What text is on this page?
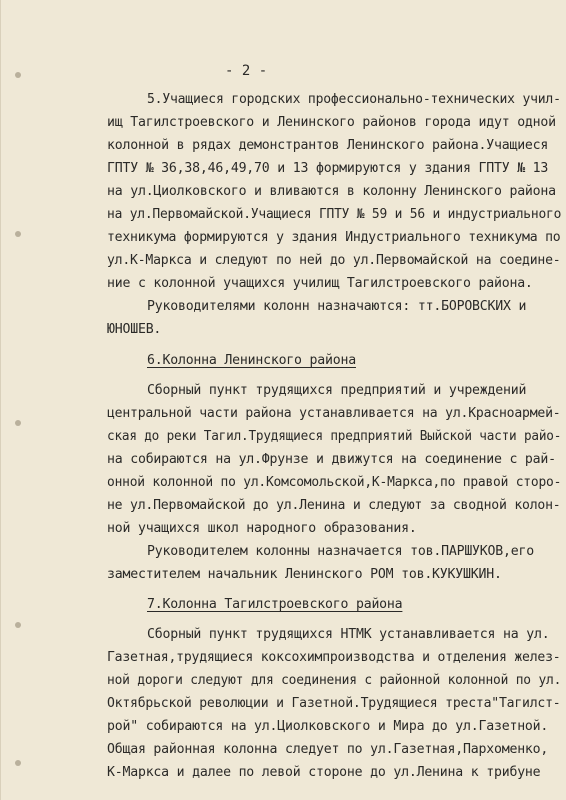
- 2 -
5.Учащиеся городских профессионально-технических учил-
ищ Тагилстроевского и Ленинского районов города идут одной
колонной в рядах демонстрантов Ленинского района.Учащиеся
ГПТУ № 36,38,46,49,70 и 13 формируются у здания ГПТУ № 13
на ул.Циолковского и вливаются в колонну Ленинского района
на ул.Первомайской.Учащиеся ГПТУ № 59 и 56 и индустриального
техникума формируются у здания Индустриального техникума по
ул.К-Маркса и следуют по ней до ул.Первомайской на соедине-
ние с колонной учащихся училищ Тагилстроевского района.
Руководителями колонн назначаются: тт.БОРОВСКИХ и
ЮНОШЕВ.
6.Колонна Ленинского района
Сборный пункт трудящихся предприятий и учреждений
центральной части района устанавливается на ул.Красноармей-
ская до реки Тагил.Трудящиеся предприятий Выйской части райо-
на собираются на ул.Фрунзе и движутся на соединение с рай-
онной колонной по ул.Комсомольской,К-Маркса,по правой сторо-
не ул.Первомайской до ул.Ленина и следуют за сводной колон-
ной учащихся школ народного образования.
Руководителем колонны назначается тов.ПАРШУКОВ,его
заместителем начальник Ленинского РОМ тов.КУКУШКИН.
7.Колонна Тагилстроевского района
Сборный пункт трудящихся НТМК устанавливается на ул.
Газетная,трудящиеся коксохимпроизводства и отделения желез-
ной дороги следуют для соединения с районной колонной по ул.
Октябрьской революции и Газетной.Трудящиеся треста"Тагилст-
рой" собираются на ул.Циолковского и Мира до ул.Газетной.
Общая районная колонна следует по ул.Газетная,Пархоменко,
К-Маркса и далее по левой стороне до ул.Ленина к трибуне
